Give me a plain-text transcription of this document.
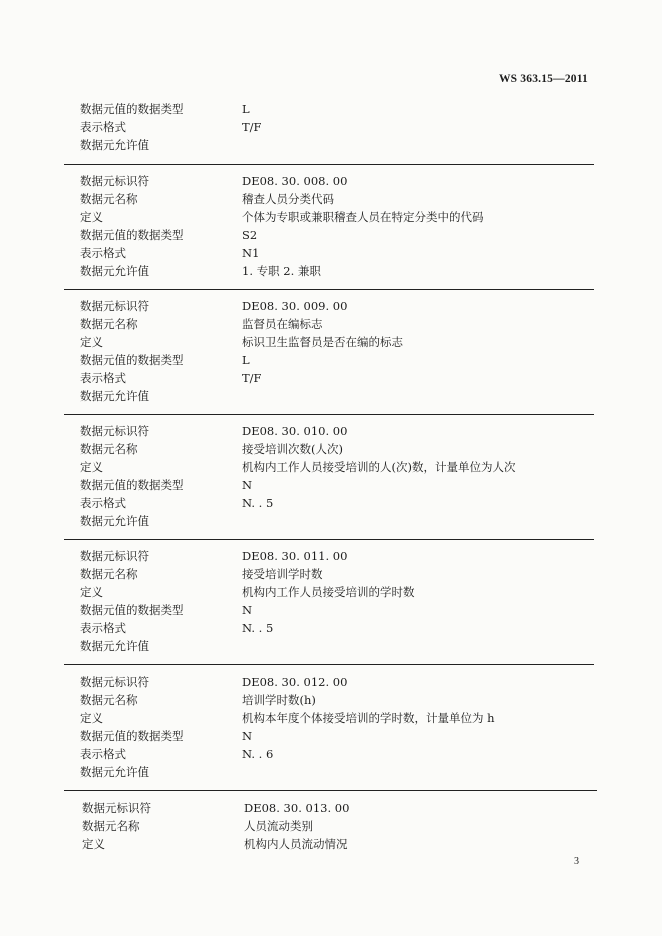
WS 363.15—2011
数据元值的数据类型	L
表示格式	T/F
数据元允许值
数据元标识符	DE08. 30. 008. 00
数据元名称	稽查人员分类代码
定义	个体为专职或兼职稽查人员在特定分类中的代码
数据元值的数据类型	S2
表示格式	N1
数据元允许值	1. 专职 2. 兼职
数据元标识符	DE08. 30. 009. 00
数据元名称	监督员在编标志
定义	标识卫生监督员是否在编的标志
数据元值的数据类型	L
表示格式	T/F
数据元允许值
数据元标识符	DE08. 30. 010. 00
数据元名称	接受培训次数(人次)
定义	机构内工作人员接受培训的人(次)数，计量单位为人次
数据元值的数据类型	N
表示格式	N. . 5
数据元允许值
数据元标识符	DE08. 30. 011. 00
数据元名称	接受培训学时数
定义	机构内工作人员接受培训的学时数
数据元值的数据类型	N
表示格式	N. . 5
数据元允许值
数据元标识符	DE08. 30. 012. 00
数据元名称	培训学时数(h)
定义	机构本年度个体接受培训的学时数，计量单位为 h
数据元值的数据类型	N
表示格式	N. . 6
数据元允许值
数据元标识符	DE08. 30. 013. 00
数据元名称	人员流动类别
定义	机构内人员流动情况
3
